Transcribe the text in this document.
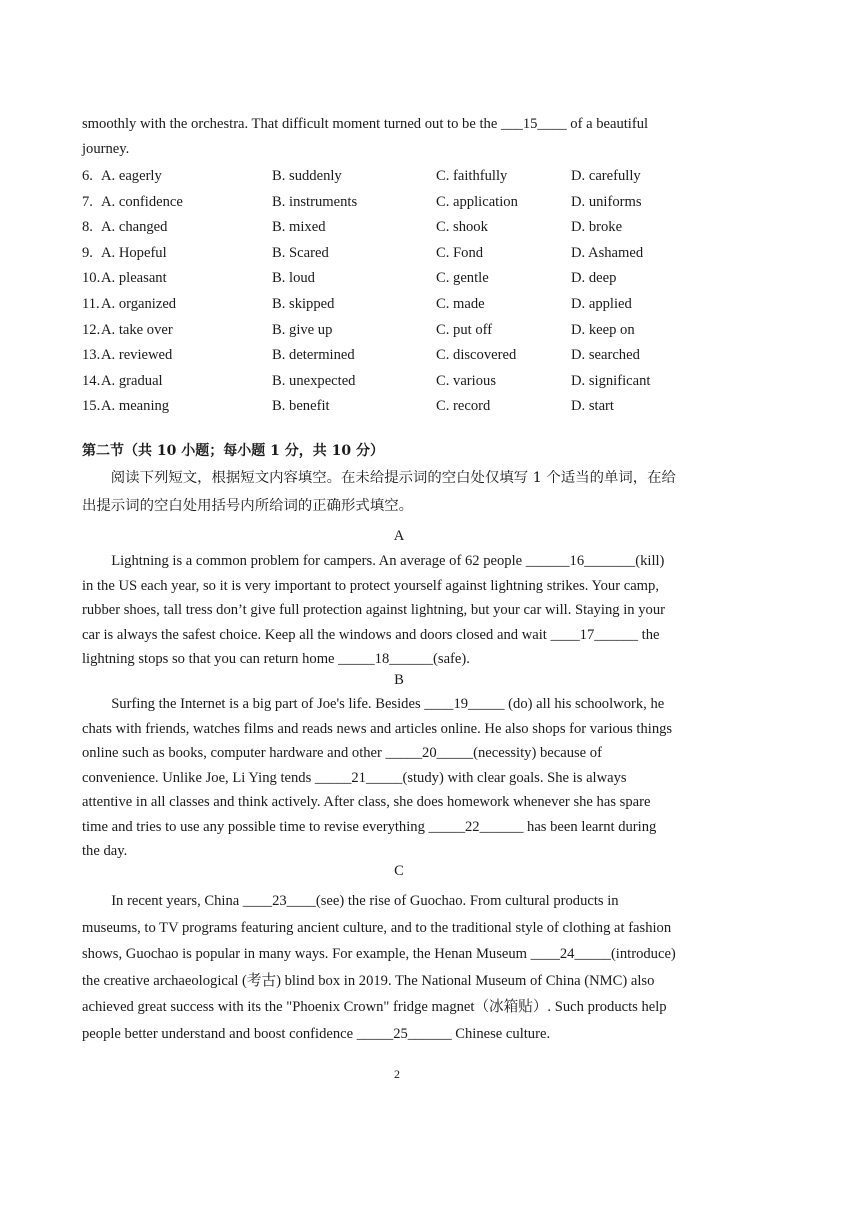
smoothly with the orchestra. That difficult moment turned out to be the ___15____ of a beautiful
journey.
6. A. eagerly	B. suddenly	C. faithfully	D. carefully
7. A. confidence	B. instruments	C. application	D. uniforms
8. A. changed	B. mixed	C. shook	D. broke
9. A. Hopeful	B. Scared	C. Fond	D. Ashamed
10. A. pleasant	B. loud	C. gentle	D. deep
11. A. organized	B. skipped	C. made	D. applied
12. A. take over	B. give up	C. put off	D. keep on
13. A. reviewed	B. determined	C. discovered	D. searched
14. A. gradual	B. unexpected	C. various	D. significant
15. A. meaning	B. benefit	C. record	D. start
第二节（共 10 小题；每小题 1 分，共 10 分）
　　阅读下列短文，根据短文内容填空。在未给提示词的空白处仅填写 1 个适当的单词，在给
出提示词的空白处用括号内所给词的正确形式填空。
A
　　Lightning is a common problem for campers. An average of 62 people ______16_______(kill)
in the US each year, so it is very important to protect yourself against lightning strikes. Your camp,
rubber shoes, tall tress don’t give full protection against lightning, but your car will. Staying in your
car is always the safest choice. Keep all the windows and doors closed and wait ____17______ the
lightning stops so that you can return home _____18______(safe).
B
　　Surfing the Internet is a big part of Joe's life. Besides ____19_____ (do) all his schoolwork, he
chats with friends, watches films and reads news and articles online. He also shops for various things
online such as books, computer hardware and other _____20_____(necessity) because of
convenience. Unlike Joe, Li Ying tends _____21_____(study) with clear goals. She is always
attentive in all classes and think actively. After class, she does homework whenever she has spare
time and tries to use any possible time to revise everything _____22______ has been learnt during
the day.
C
　　In recent years, China ____23____(see) the rise of Guochao. From cultural products in
museums, to TV programs featuring ancient culture, and to the traditional style of clothing at fashion
shows, Guochao is popular in many ways. For example, the Henan Museum ____24_____(introduce)
the creative archaeological (考古) blind box in 2019. The National Museum of China (NMC) also
achieved great success with its the "Phoenix Crown" fridge magnet（冰箱贴）. Such products help
people better understand and boost confidence _____25______ Chinese culture.
2
